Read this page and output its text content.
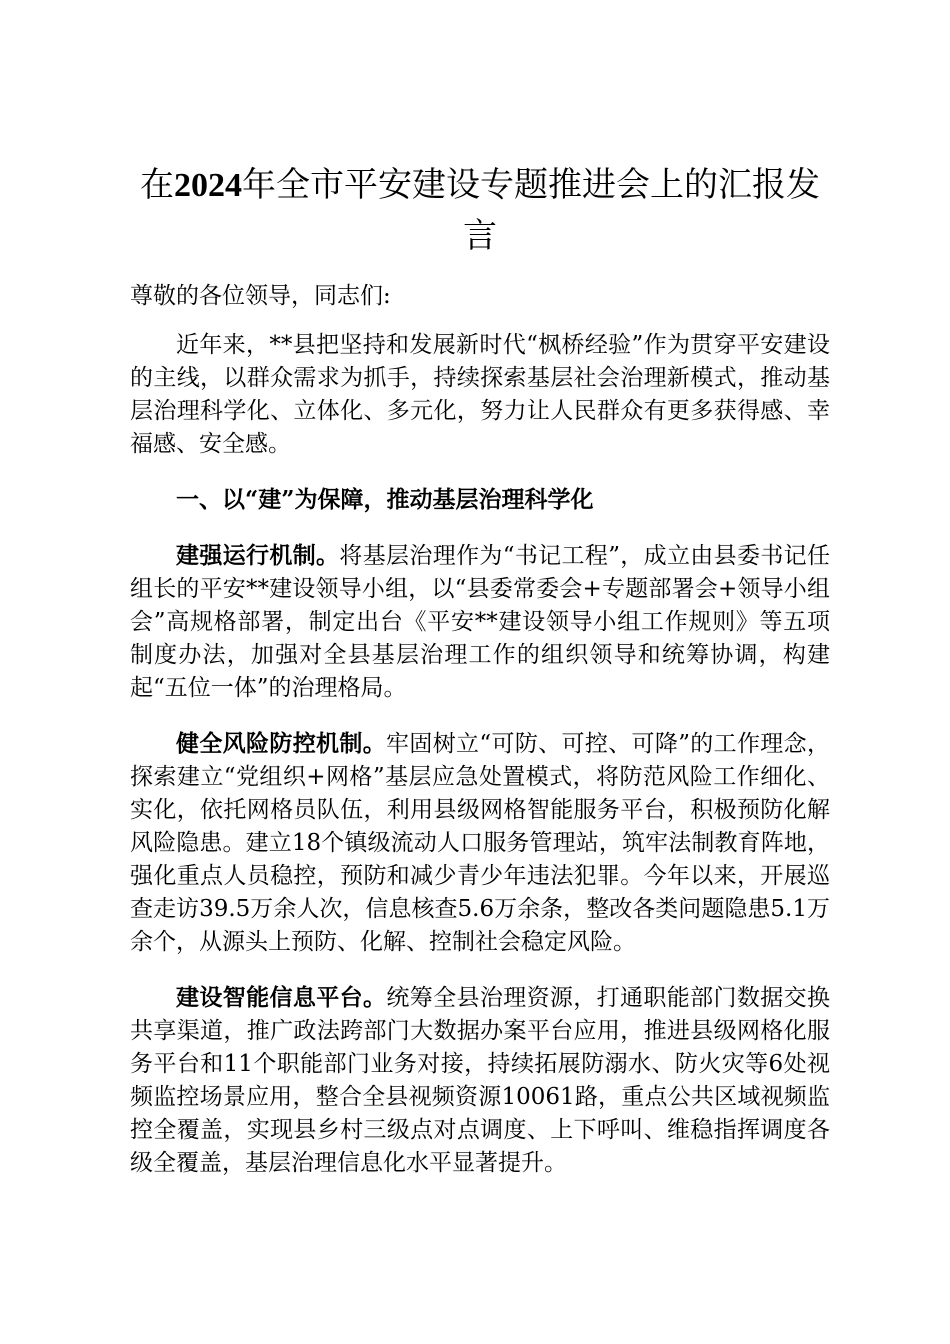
在2024年全市平安建设专题推进会上的汇报发言

尊敬的各位领导，同志们:

近年来，**县把坚持和发展新时代“枫桥经验”作为贯穿平安建设的主线，以群众需求为抓手，持续探索基层社会治理新模式，推动基层治理科学化、立体化、多元化，努力让人民群众有更多获得感、幸福感、安全感。

一、以“建”为保障，推动基层治理科学化

建强运行机制。将基层治理作为“书记工程”，成立由县委书记任组长的平安**建设领导小组，以“县委常委会+专题部署会+领导小组会”高规格部署，制定出台《平安**建设领导小组工作规则》等五项制度办法，加强对全县基层治理工作的组织领导和统筹协调，构建起“五位一体”的治理格局。

健全风险防控机制。牢固树立“可防、可控、可降”的工作理念，探索建立“党组织+网格”基层应急处置模式，将防范风险工作细化、实化，依托网格员队伍，利用县级网格智能服务平台，积极预防化解风险隐患。建立18个镇级流动人口服务管理站，筑牢法制教育阵地，强化重点人员稳控，预防和减少青少年违法犯罪。今年以来，开展巡查走访39.5万余人次，信息核查5.6万余条，整改各类问题隐患5.1万余个，从源头上预防、化解、控制社会稳定风险。

建设智能信息平台。统筹全县治理资源，打通职能部门数据交换共享渠道，推广政法跨部门大数据办案平台应用，推进县级网格化服务平台和11个职能部门业务对接，持续拓展防溺水、防火灾等6处视频监控场景应用，整合全县视频资源10061路，重点公共区域视频监控全覆盖，实现县乡村三级点对点调度、上下呼叫、维稳指挥调度各级全覆盖，基层治理信息化水平显著提升。
